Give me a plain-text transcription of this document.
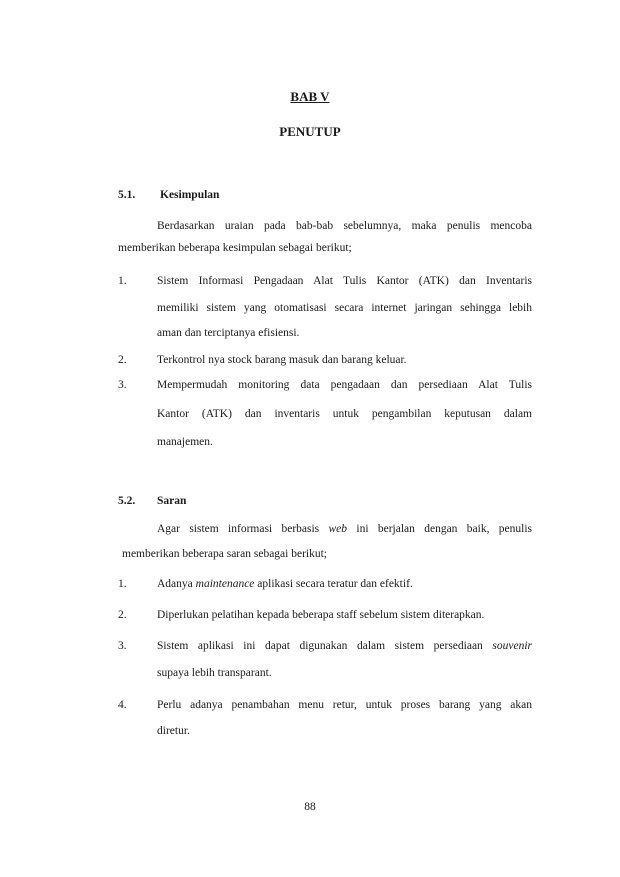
BAB V
PENUTUP
5.1. Kesimpulan
Berdasarkan uraian pada bab-bab sebelumnya, maka penulis mencoba
memberikan beberapa kesimpulan sebagai berikut;
1.	Sistem Informasi Pengadaan Alat Tulis Kantor (ATK) dan Inventaris
memiliki sistem yang otomatisasi secara internet jaringan sehingga lebih
aman dan terciptanya efisiensi.
2.	Terkontrol nya stock barang masuk dan barang keluar.
3.	Mempermudah monitoring data pengadaan dan persediaan Alat Tulis
Kantor (ATK) dan inventaris untuk pengambilan keputusan dalam
manajemen.
5.2. Saran
Agar sistem informasi berbasis web ini berjalan dengan baik, penulis
memberikan beberapa saran sebagai berikut;
1.	Adanya maintenance aplikasi secara teratur dan efektif.
2.	Diperlukan pelatihan kepada beberapa staff sebelum sistem diterapkan.
3.	Sistem aplikasi ini dapat digunakan dalam sistem persediaan souvenir
supaya lebih transparant.
4.	Perlu adanya penambahan menu retur, untuk proses barang yang akan
diretur.
88
